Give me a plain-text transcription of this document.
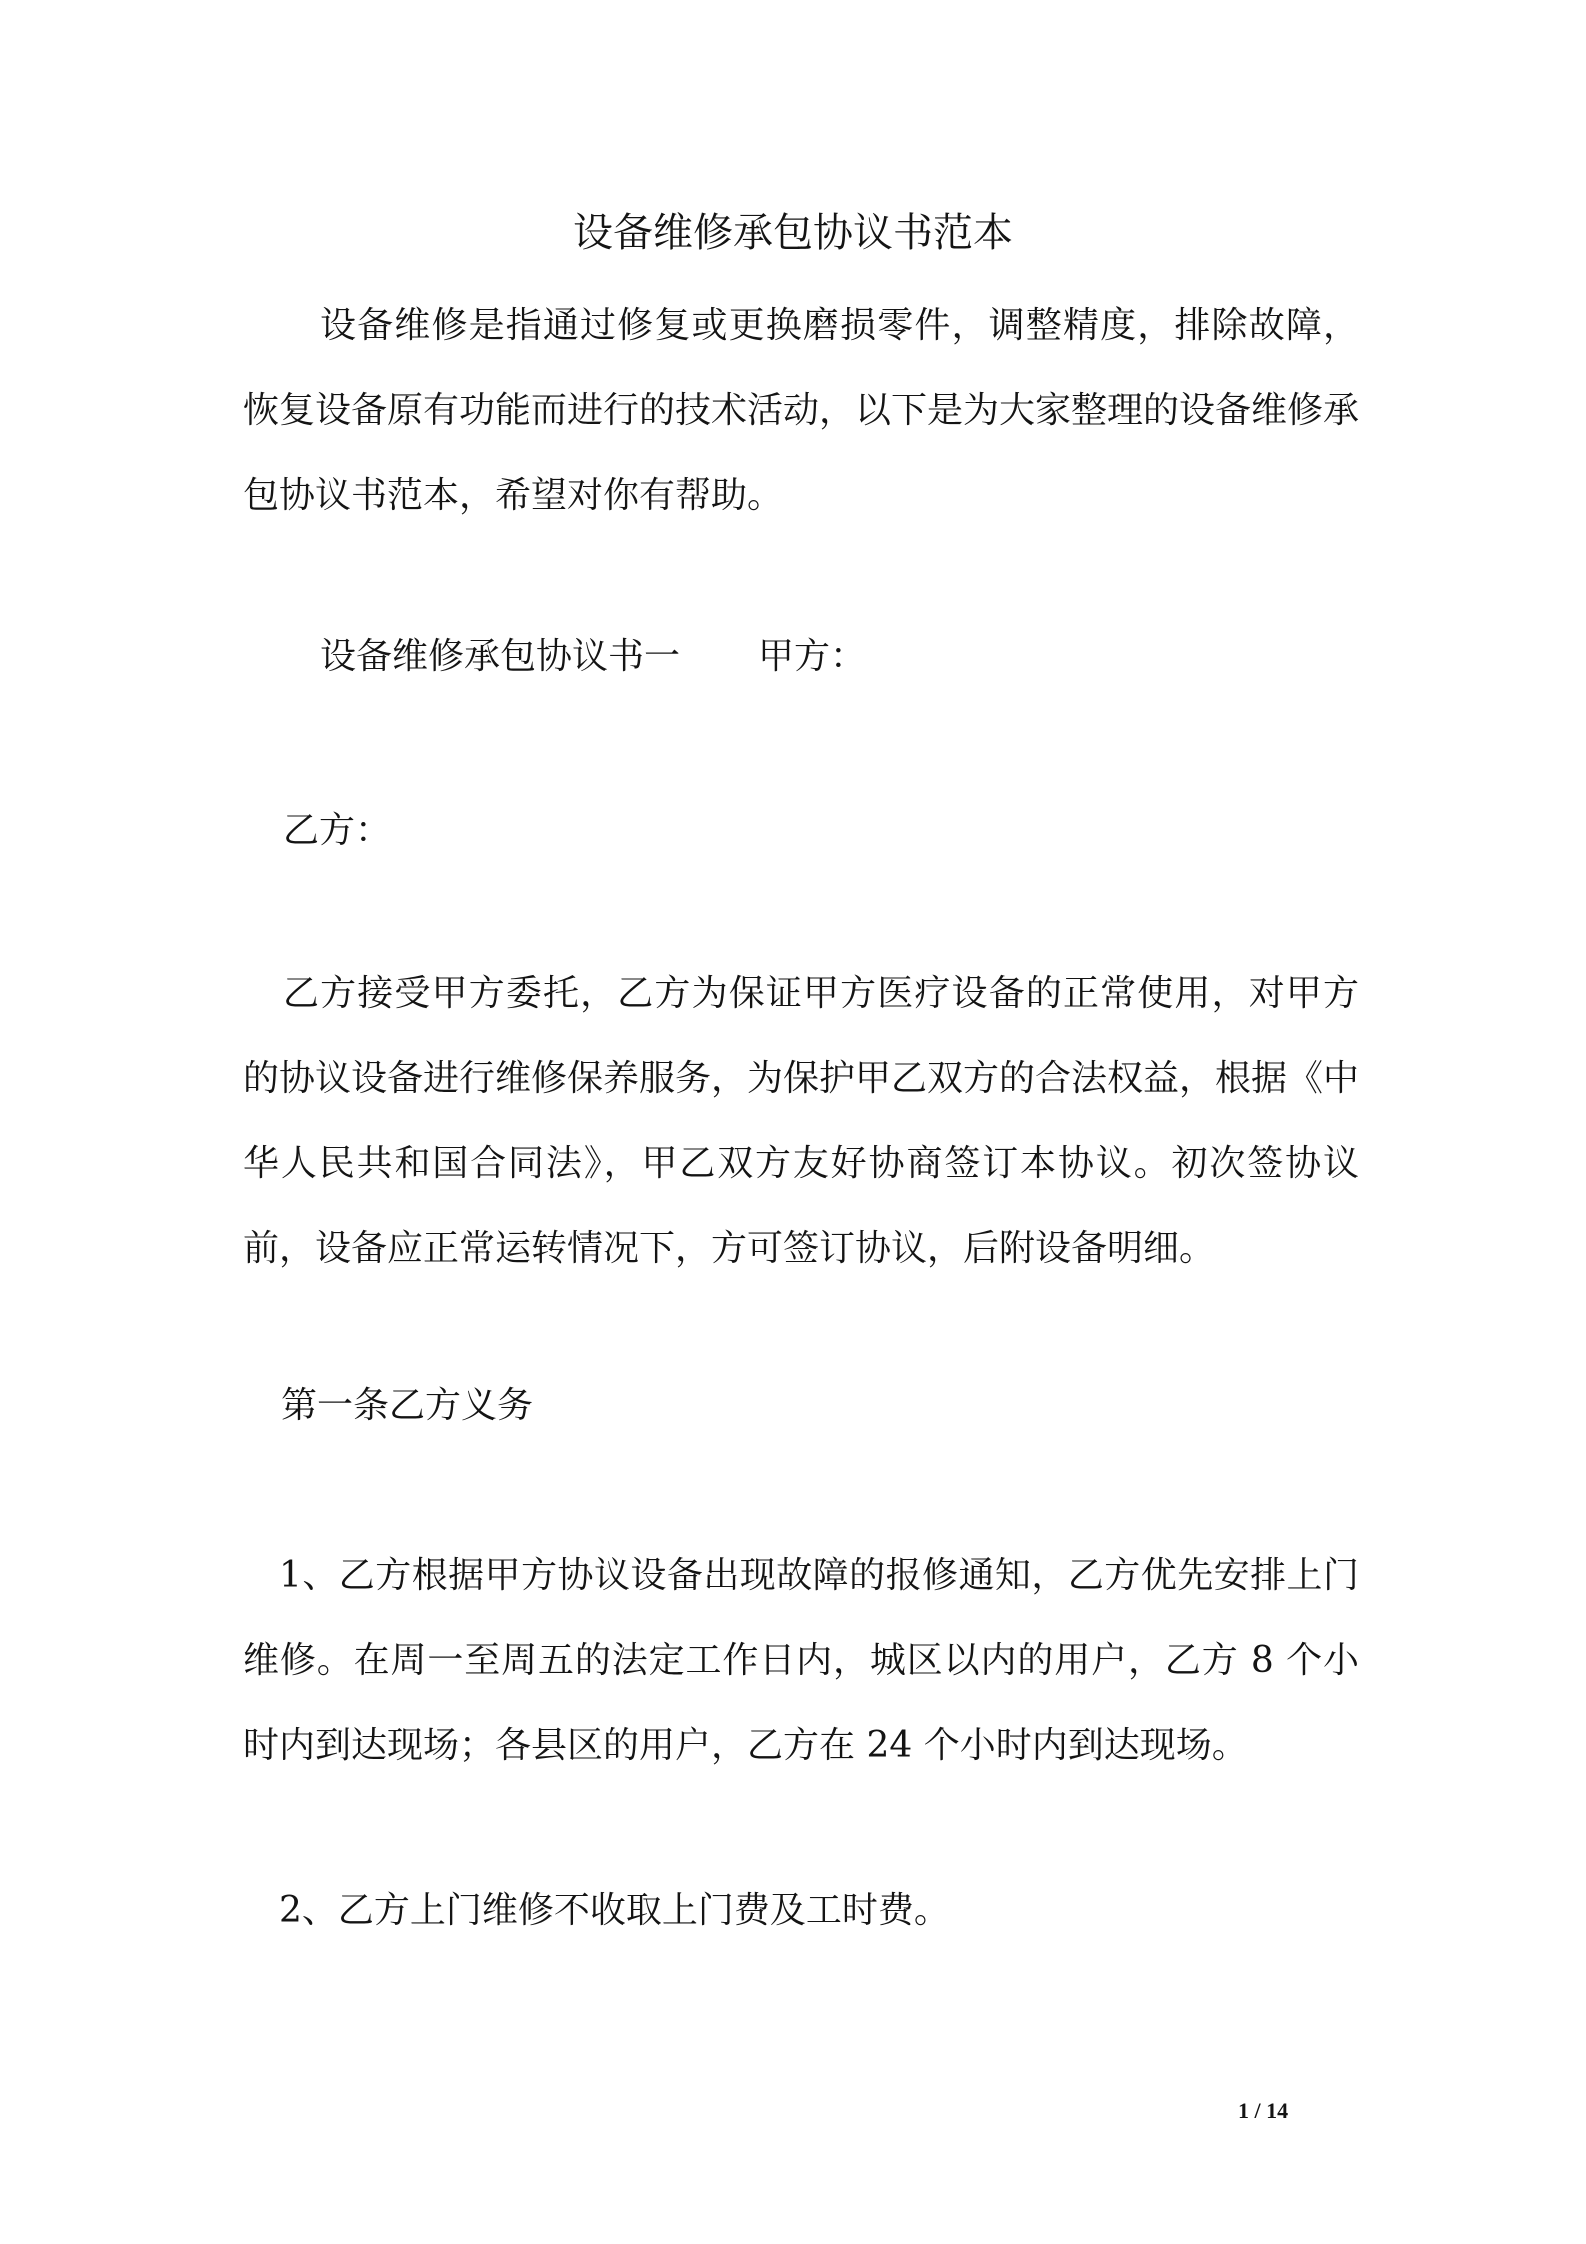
设备维修承包协议书范本

设备维修是指通过修复或更换磨损零件，调整精度，排除故障，恢复设备原有功能而进行的技术活动，以下是为大家整理的设备维修承包协议书范本，希望对你有帮助。

设备维修承包协议书一 甲方：
乙方：

乙方接受甲方委托，乙方为保证甲方医疗设备的正常使用，对甲方的协议设备进行维修保养服务，为保护甲乙双方的合法权益，根据《中华人民共和国合同法》，甲乙双方友好协商签订本协议。初次签协议前，设备应正常运转情况下，方可签订协议，后附设备明细。

第一条乙方义务

1、乙方根据甲方协议设备出现故障的报修通知，乙方优先安排上门维修。在周一至周五的法定工作日内，城区以内的用户，乙方 8 个小时内到达现场；各县区的用户，乙方在 24 个小时内到达现场。

2、乙方上门维修不收取上门费及工时费。

1 / 14
